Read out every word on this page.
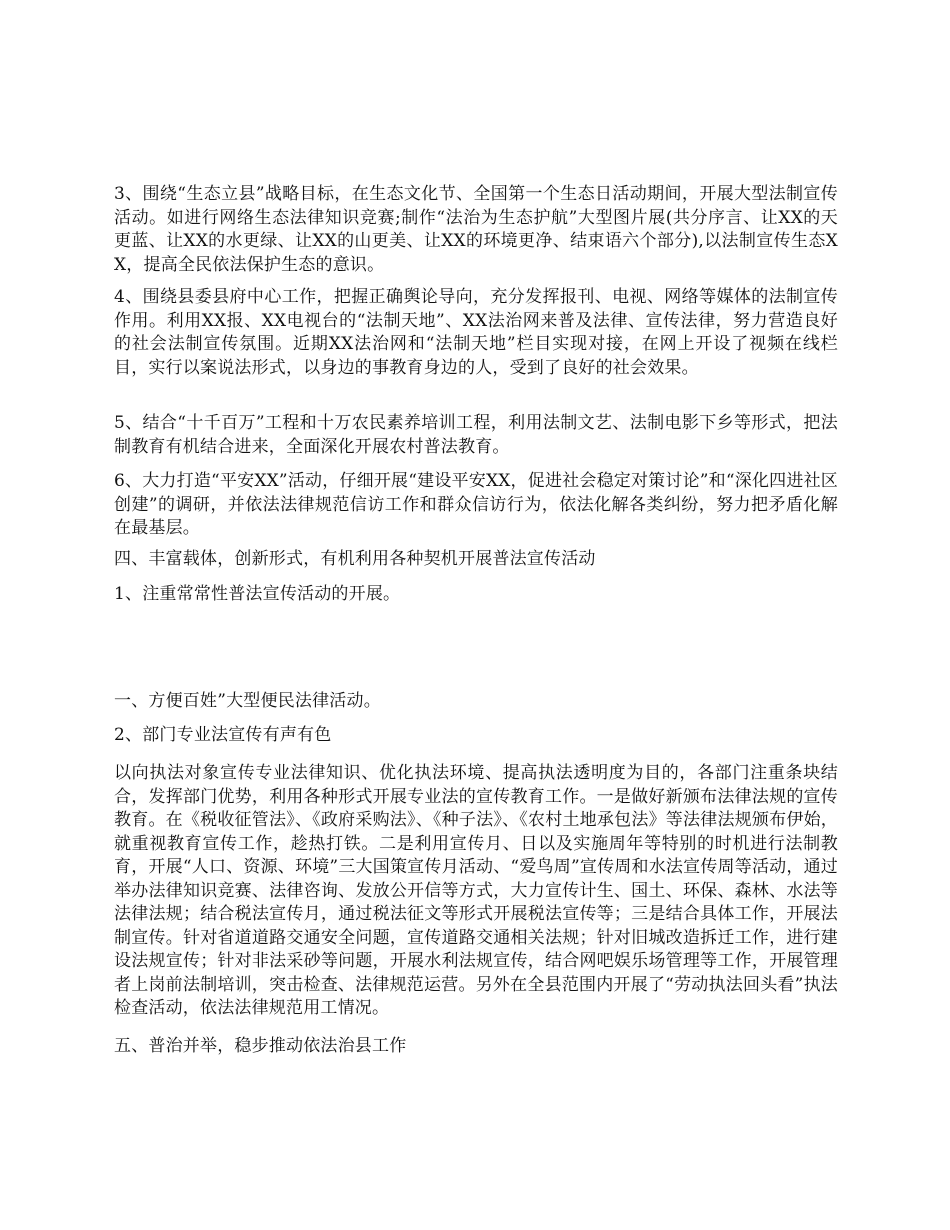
3、围绕“生态立县”战略目标，在生态文化节、全国第一个生态日活动期间，开展大型法制宣传活动。如进行网络生态法律知识竞赛;制作“法治为生态护航”大型图片展(共分序言、让XX的天更蓝、让XX的水更绿、让XX的山更美、让XX的环境更净、结束语六个部分),以法制宣传生态XX，提高全民依法保护生态的意识。

4、围绕县委县府中心工作，把握正确舆论导向，充分发挥报刊、电视、网络等媒体的法制宣传作用。利用XX报、XX电视台的“法制天地”、XX法治网来普及法律、宣传法律，努力营造良好的社会法制宣传氛围。近期XX法治网和“法制天地”栏目实现对接，在网上开设了视频在线栏目，实行以案说法形式，以身边的事教育身边的人，受到了良好的社会效果。

5、结合“十千百万”工程和十万农民素养培训工程，利用法制文艺、法制电影下乡等形式，把法制教育有机结合进来，全面深化开展农村普法教育。

6、大力打造“平安XX”活动，仔细开展“建设平安XX，促进社会稳定对策讨论”和“深化四进社区创建”的调研，并依法法律规范信访工作和群众信访行为，依法化解各类纠纷，努力把矛盾化解在最基层。

四、丰富载体，创新形式，有机利用各种契机开展普法宣传活动

1、注重常常性普法宣传活动的开展。

一、方便百姓”大型便民法律活动。

2、部门专业法宣传有声有色

以向执法对象宣传专业法律知识、优化执法环境、提高执法透明度为目的，各部门注重条块结合，发挥部门优势，利用各种形式开展专业法的宣传教育工作。一是做好新颁布法律法规的宣传教育。在《税收征管法》、《政府采购法》、《种子法》、《农村土地承包法》等法律法规颁布伊始，就重视教育宣传工作，趁热打铁。二是利用宣传月、日以及实施周年等特别的时机进行法制教育，开展“人口、资源、环境”三大国策宣传月活动、“爱鸟周”宣传周和水法宣传周等活动，通过举办法律知识竞赛、法律咨询、发放公开信等方式，大力宣传计生、国土、环保、森林、水法等法律法规；结合税法宣传月，通过税法征文等形式开展税法宣传等；三是结合具体工作，开展法制宣传。针对省道道路交通安全问题，宣传道路交通相关法规；针对旧城改造拆迁工作，进行建设法规宣传；针对非法采砂等问题，开展水利法规宣传，结合网吧娱乐场管理等工作，开展管理者上岗前法制培训，突击检查、法律规范运营。另外在全县范围内开展了“劳动执法回头看”执法检查活动，依法法律规范用工情况。

五、普治并举，稳步推动依法治县工作
